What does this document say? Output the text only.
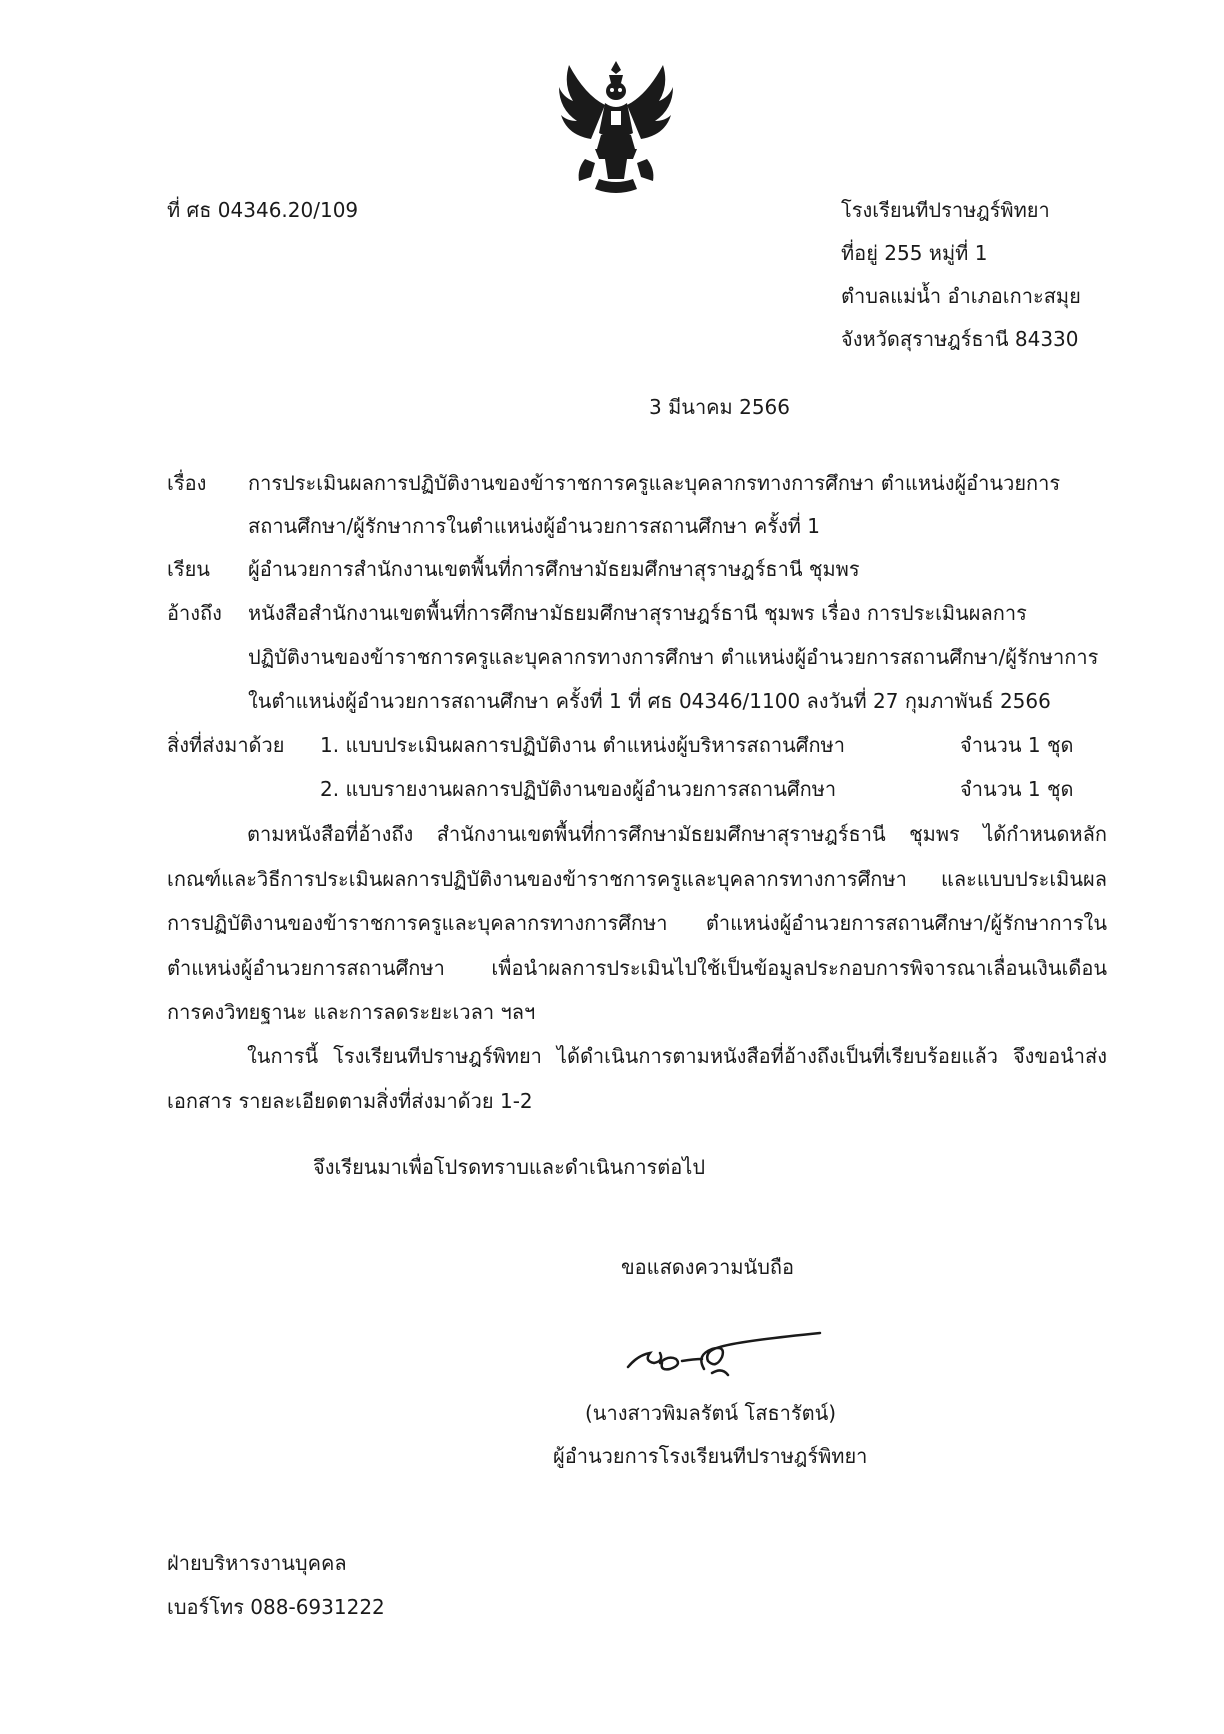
ที่ ศธ 04346.20/109	โรงเรียนทีปราษฎร์พิทยา
ที่อยู่ 255 หมู่ที่ 1
ตำบลแม่น้ำ อำเภอเกาะสมุย
จังหวัดสุราษฎร์ธานี 84330
3 มีนาคม 2566
เรื่อง การประเมินผลการปฏิบัติงานของข้าราชการครูและบุคลากรทางการศึกษา ตำแหน่งผู้อำนวยการ
สถานศึกษา/ผู้รักษาการในตำแหน่งผู้อำนวยการสถานศึกษา ครั้งที่ 1
เรียน ผู้อำนวยการสำนักงานเขตพื้นที่การศึกษามัธยมศึกษาสุราษฎร์ธานี ชุมพร
อ้างถึง หนังสือสำนักงานเขตพื้นที่การศึกษามัธยมศึกษาสุราษฎร์ธานี ชุมพร เรื่อง การประเมินผลการ
ปฏิบัติงานของข้าราชการครูและบุคลากรทางการศึกษา ตำแหน่งผู้อำนวยการสถานศึกษา/ผู้รักษาการ
ในตำแหน่งผู้อำนวยการสถานศึกษา ครั้งที่ 1 ที่ ศธ 04346/1100 ลงวันที่ 27 กุมภาพันธ์ 2566
สิ่งที่ส่งมาด้วย 1. แบบประเมินผลการปฏิบัติงาน ตำแหน่งผู้บริหารสถานศึกษา	จำนวน 1 ชุด
2. แบบรายงานผลการปฏิบัติงานของผู้อำนวยการสถานศึกษา	จำนวน 1 ชุด
ตามหนังสือที่อ้างถึง สำนักงานเขตพื้นที่การศึกษามัธยมศึกษาสุราษฎร์ธานี ชุมพร ได้กำหนดหลักเกณฑ์และวิธีการประเมินผลการปฏิบัติงานของข้าราชการครูและบุคลากรทางการศึกษา และแบบประเมินผลการปฏิบัติงานของข้าราชการครูและบุคลากรทางการศึกษา ตำแหน่งผู้อำนวยการสถานศึกษา/ผู้รักษาการในตำแหน่งผู้อำนวยการสถานศึกษา เพื่อนำผลการประเมินไปใช้เป็นข้อมูลประกอบการพิจารณาเลื่อนเงินเดือน การคงวิทยฐานะ และการลดระยะเวลา ฯลฯ
ในการนี้ โรงเรียนทีปราษฎร์พิทยา ได้ดำเนินการตามหนังสือที่อ้างถึงเป็นที่เรียบร้อยแล้ว จึงขอนำส่งเอกสาร รายละเอียดตามสิ่งที่ส่งมาด้วย 1-2
จึงเรียนมาเพื่อโปรดทราบและดำเนินการต่อไป
ขอแสดงความนับถือ
(นางสาวพิมลรัตน์ โสธารัตน์)
ผู้อำนวยการโรงเรียนทีปราษฎร์พิทยา
ฝ่ายบริหารงานบุคคล
เบอร์โทร 088-6931222
